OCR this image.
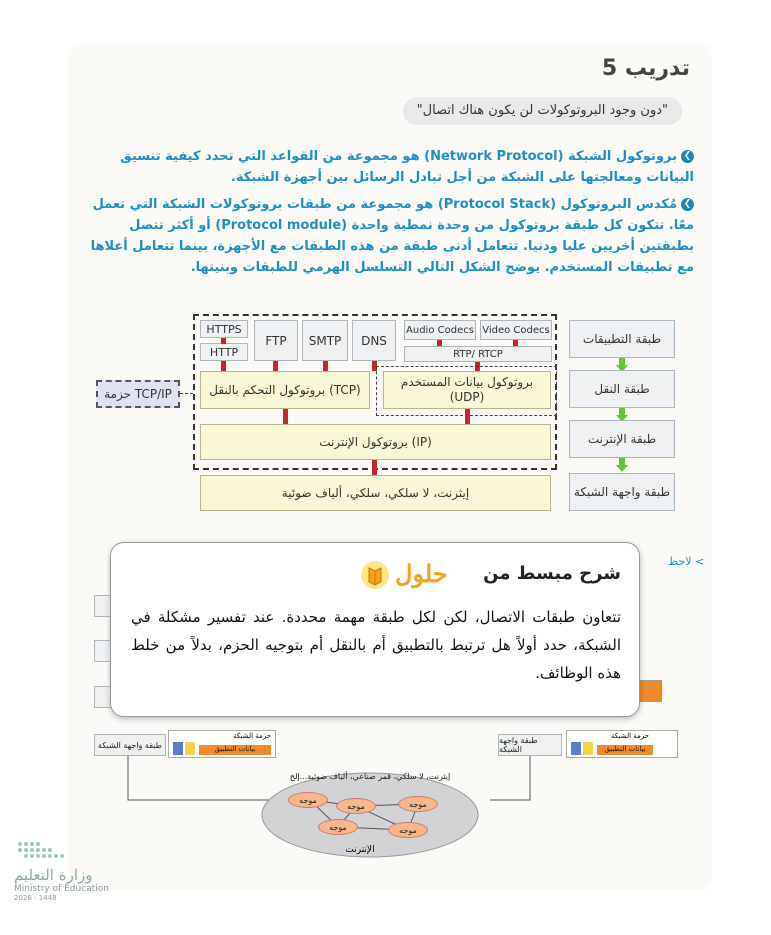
تدريب 5
"دون وجود البروتوكولات لن يكون هناك اتصال"
❯بروتوكول الشبكة (Network Protocol) هو مجموعة من القواعد التي تحدد كيفية تنسيق البيانات ومعالجتها على الشبكة من أجل تبادل الرسائل بين أجهزة الشبكة.
❯مُكدس البروتوكول (Protocol Stack) هو مجموعة من طبقات بروتوكولات الشبكة التي تعمل معًا. تتكون كل طبقة بروتوكول من وحدة نمطية واحدة (Protocol module) أو أكثر تتصل بطبقتين أخريين عليا ودنيا. تتعامل أدنى طبقة من هذه الطبقات مع الأجهزة، بينما تتعامل أعلاها مع تطبيقات المستخدم. يوضح الشكل التالي التسلسل الهرمي للطبقات وبنيتها.
طبقة التطبيقات
طبقة النقل
طبقة الإنترنت
طبقة واجهة الشبكة
حزمة TCP/IP
HTTPS
HTTP
FTP	SMTP	DNS
Audio Codecs Video Codecs
RTP/ RTCP
بروتوكول التحكم بالنقل (TCP)
بروتوكول بيانات المستخدم (UDP)
بروتوكول الإنترنت (IP)
إيثرنت، لا سلكي، سلكي، ألياف ضوئية
> لاحظ
طبقة واجهة الشبكة
حزمة الشبكة
بيانات التطبيق
طبقة واجهة الشبكة
حزمة الشبكة
بيانات التطبيق
إيثرنت، لا سلكي، قمر صناعي، ألياف ضوئية...إلخ
موجه
موجه	موجه
موجه	موجه
الإنترنت
شرح مبسط من
حلول
تتعاون طبقات الاتصال، لكن لكل طبقة مهمة محددة. عند تفسير مشكلة في الشبكة، حدد أولاً هل ترتبط بالتطبيق أم بالنقل أم بتوجيه الحزم، بدلاً من خلط هذه الوظائف.
وزارة التعليم
Ministry of Education
2026 - 1448
